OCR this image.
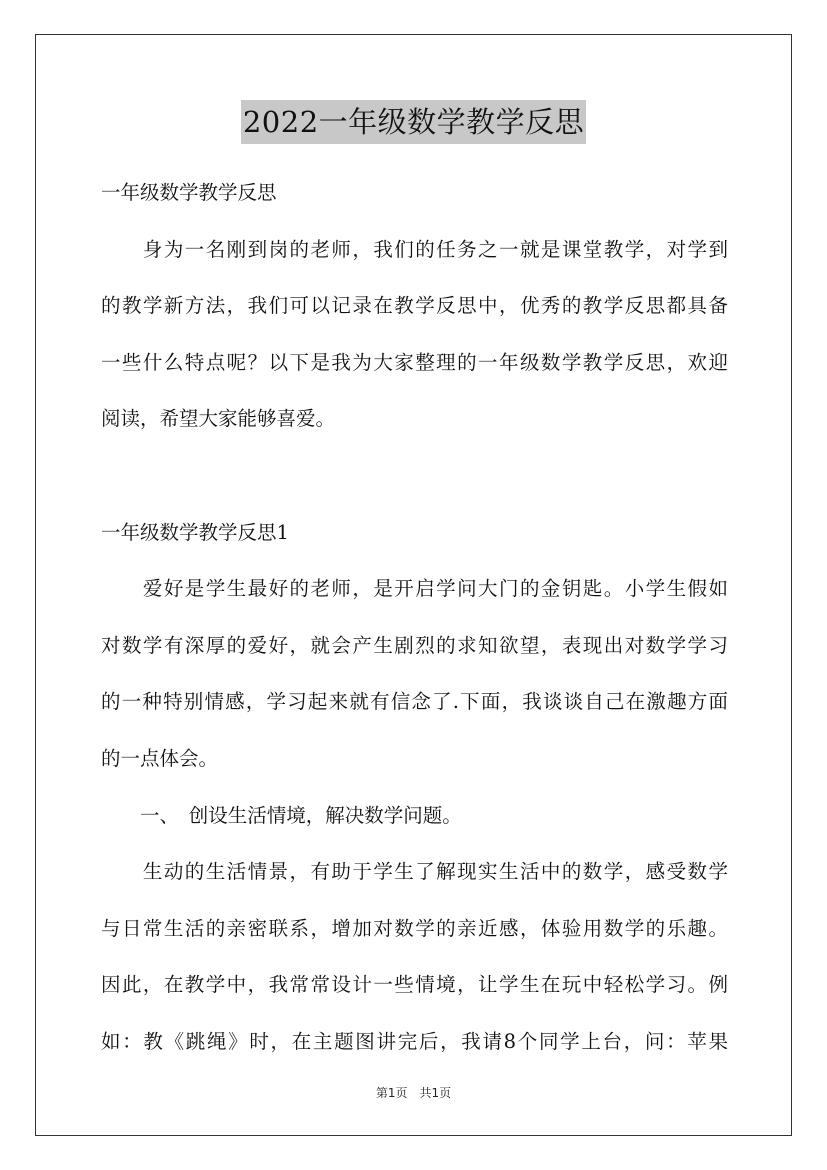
2022一年级数学教学反思
一年级数学教学反思
　　身为一名刚到岗的老师，我们的任务之一就是课堂教学，对学到
的教学新方法，我们可以记录在教学反思中，优秀的教学反思都具备
一些什么特点呢？以下是我为大家整理的一年级数学教学反思，欢迎
阅读，希望大家能够喜爱。
一年级数学教学反思1
　　爱好是学生最好的老师，是开启学问大门的金钥匙。小学生假如
对数学有深厚的爱好，就会产生剧烈的求知欲望，表现出对数学学习
的一种特别情感，学习起来就有信念了.下面，我谈谈自己在激趣方面
的一点体会。
　　一、　创设生活情境，解决数学问题。
　　生动的生活情景，有助于学生了解现实生活中的数学，感受数学
与日常生活的亲密联系，增加对数学的亲近感，体验用数学的乐趣。
因此，在教学中，我常常设计一些情境，让学生在玩中轻松学习。例
如：教《跳绳》时，在主题图讲完后，我请8个同学上台，问：苹果
第1页　共1页
